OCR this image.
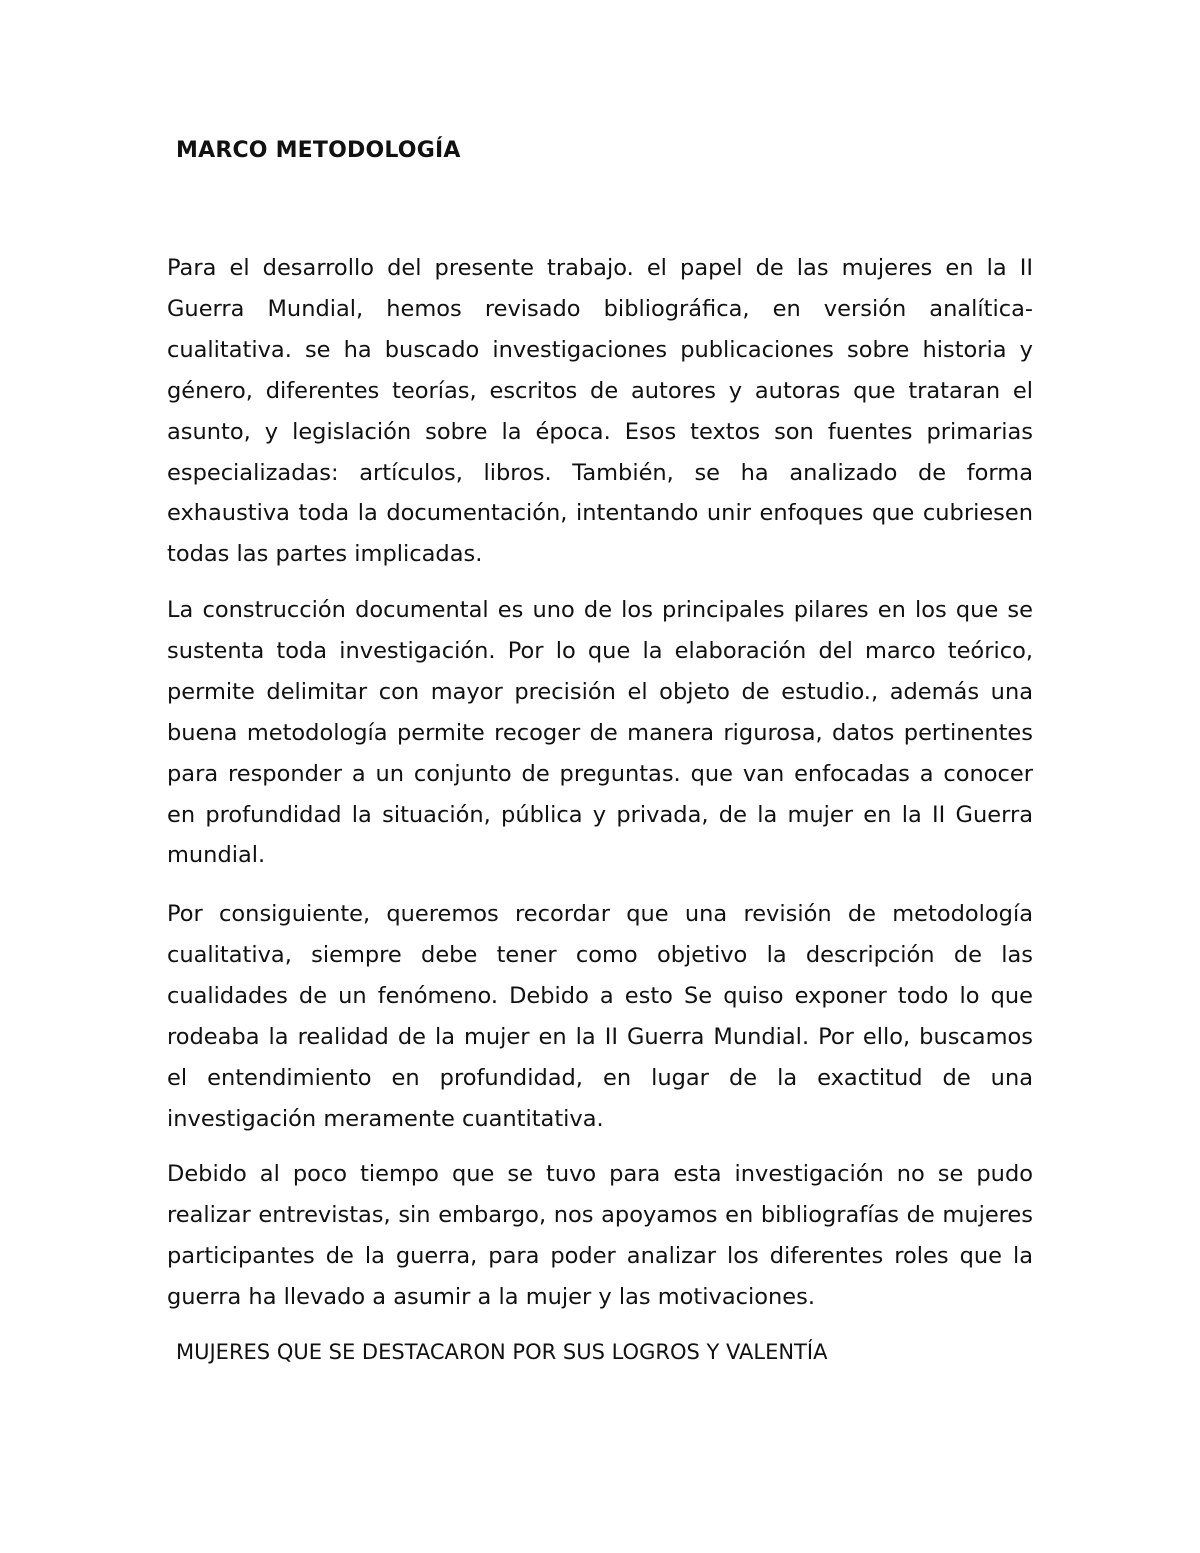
MARCO METODOLOGÍA

Para el desarrollo del presente trabajo. el papel de las mujeres en la II Guerra Mundial, hemos revisado bibliográfica, en versión analítica-cualitativa. se ha buscado investigaciones publicaciones sobre historia y género, diferentes teorías, escritos de autores y autoras que trataran el asunto, y legislación sobre la época. Esos textos son fuentes primarias especializadas: artículos, libros. También, se ha analizado de forma exhaustiva toda la documentación, intentando unir enfoques que cubriesen todas las partes implicadas.

La construcción documental es uno de los principales pilares en los que se sustenta toda investigación. Por lo que la elaboración del marco teórico, permite delimitar con mayor precisión el objeto de estudio., además una buena metodología permite recoger de manera rigurosa, datos pertinentes para responder a un conjunto de preguntas. que van enfocadas a conocer en profundidad la situación, pública y privada, de la mujer en la II Guerra mundial.

Por consiguiente, queremos recordar que una revisión de metodología cualitativa, siempre debe tener como objetivo la descripción de las cualidades de un fenómeno. Debido a esto Se quiso exponer todo lo que rodeaba la realidad de la mujer en la II Guerra Mundial. Por ello, buscamos el entendimiento en profundidad, en lugar de la exactitud de una investigación meramente cuantitativa.

Debido al poco tiempo que se tuvo para esta investigación no se pudo realizar entrevistas, sin embargo, nos apoyamos en bibliografías de mujeres participantes de la guerra, para poder analizar los diferentes roles que la guerra ha llevado a asumir a la mujer y las motivaciones.

MUJERES QUE SE DESTACARON POR SUS LOGROS Y VALENTÍA
